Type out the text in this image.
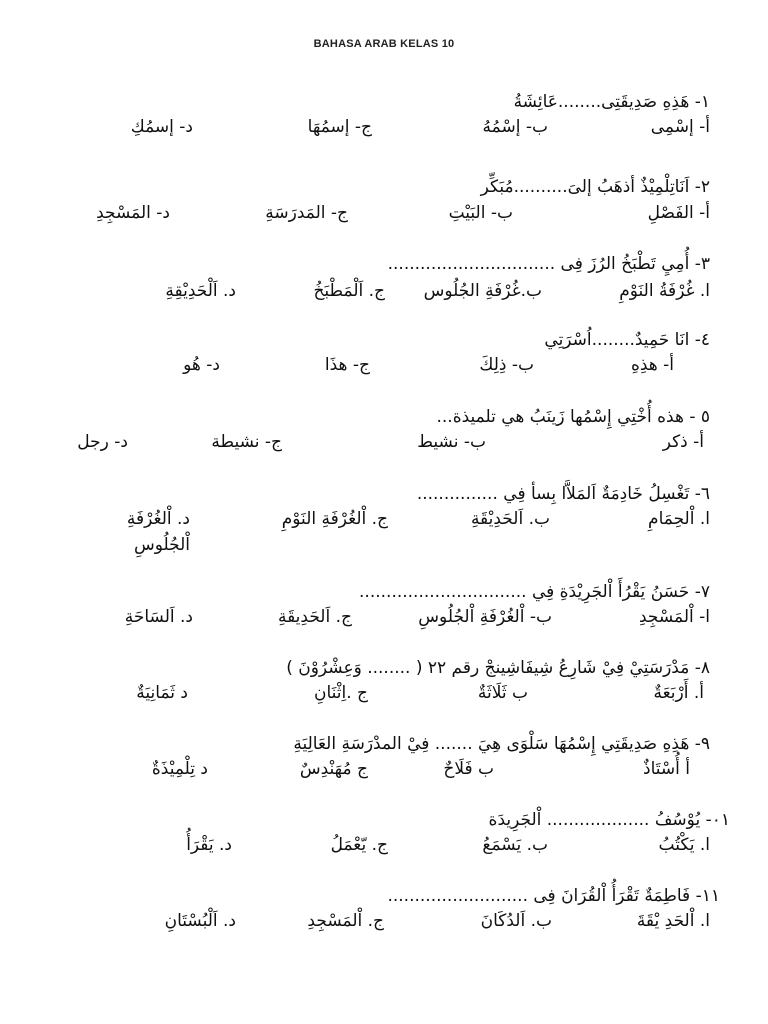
BAHASA ARAB KELAS 10
١- هَذِهِ صَدِيقَتِى........عَائِشَةُ
أ- إسْمِى
ب- إسْمُهُ
ج- إسمُهَا
د- إسمُكِ
٢- اَنَاتِلْمِيْذٌ أذهَبُ إلىَ..........مُبَكِّر
أ- الفَصْلِ
ب- البَيْتِ
ج- المَدرَسَةِ
د- المَسْجِدِ
٣- أُمِيِ تَطْبَخُ الرُزَ فِى ...............................
ا. غُرْفَةُ النَوْمِ
ب.غُرْفَةِ الجُلُوس
ج. اَلْمَطْبَخُ
د. اَلْحَدِيْقِةِ
٤- انَا حَمِيدٌ........اُسْرَتِي
أ- هذِهِ
ب- ذِلِكَ
ج- هذَا
د- هُو
٥ - هذه أُخْتِي إِسْمُها زَينَبُ هي تلميذة...
أ- ذكر
ب- نشيط
ج- نشيطة
د- رجل
٦- تَغْسِلُ خَادِمَةٌ اَلمَلاَّا بِسأ فِي ...............
ا. اْلحِمَامِ
ب. اَلحَدِيْقَةِ
ج. اْلغُرْفَةِ النَوْمِ
د. اْلغُرْفَةِ
اْلجُلُوسِ
٧- حَسَنُ يَقْرُأَ اْلجَرِيْدَةِ فِي ...............................
ا- اْلمَسْجِدِ
ب- اْلغُرْفَةِ اْلجُلُوسِ
ج. اَلحَدِيقَةِ
د. اَلسَاحَةِ
٨- مَدْرَسَتِيْ فِيْ شَارِعُ شِيفَاشِينجْ رقم ٢٢ ( ........ وَعِشْرُوْنَ )
أ. أَرْبَعَةٌ
ب ثَلَاثَةٌ
ج .اِثْنَانِ
د ثَمَانِيَةٌ
٩- هَذِهِ صَدِيقَتِي إِسْمُهَا سَلْوَى هِيَ ....... فِيْ المدْرَسَةِ العَالِيَةِ
أ أُسْتَاذٌ
ب فَلَاحٌ
ج مُهَنْدِسٌ
د تِلْمِيْذَةٌ
٠١- يُوْسُفُ ................... اْلجَرِيدَة
ا. يَكْتُبُ
ب. يَسْمَعُ
ج. يّعْمَلُ
د. يَقْرَأُ
١١- فَاطِمَةٌ تَقْرَأُ اْلقُرَانَ فِى ..........................
ا. اْلحَدِ يْقَةَ
ب. اَلدُكَانَ
ج. اْلمَسْجِدِ
د. اَلْبُسْتَانِ
